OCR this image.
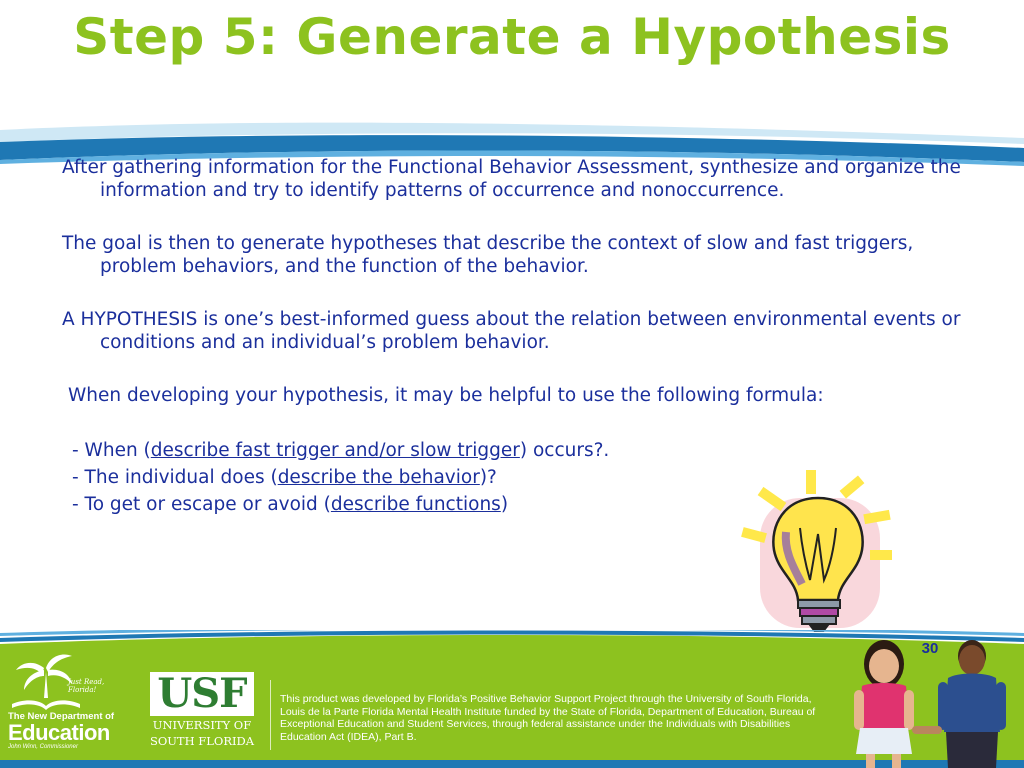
Step 5: Generate a Hypothesis

After gathering information for the Functional Behavior Assessment, synthesize and organize the information and try to identify patterns of occurrence and nonoccurrence.

The goal is then to generate hypotheses that describe the context of slow and fast triggers, problem behaviors, and the function of the behavior.

A HYPOTHESIS is one’s best-informed guess about the relation between environmental events or conditions and an individual’s problem behavior.

When developing your hypothesis, it may be helpful to use the following formula:

- When (describe fast trigger and/or slow trigger) occurs?.
- The individual does (describe the behavior)?
- To get or escape or avoid (describe functions)
Just Read, Florida!
The New Department of
Education
John Winn, Commissioner
USF
UNIVERSITY OF
SOUTH FLORIDA
This product was developed by Florida’s Positive Behavior Support Project through the University of South Florida, Louis de la Parte Florida Mental Health Institute funded by the State of Florida, Department of Education, Bureau of Exceptional Education and Student Services, through federal assistance under the Individuals with Disabilities Education Act (IDEA), Part B.
30
